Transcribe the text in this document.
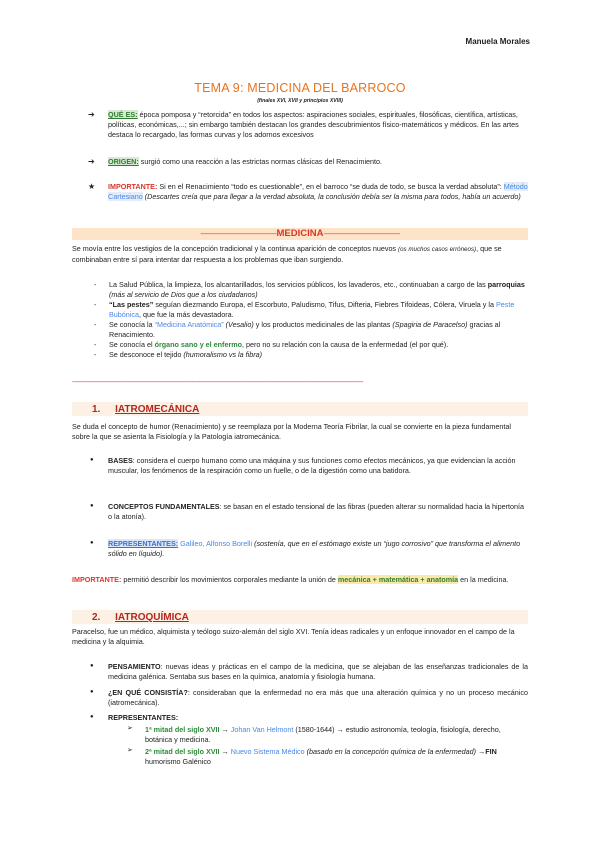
Manuela Morales
TEMA 9: MEDICINA DEL BARROCO
(finales XVI, XVII y principios XVIII)
➔ QUÉ ES: época pomposa y “retorcida” en todos los aspectos: aspiraciones sociales, espirituales, filosóficas, científica, artísticas, políticas, económicas,...; sin embargo también destacan los grandes descubrimientos físico-matemáticos y médicos. En las artes destaca lo recargado, las formas curvas y los adornos excesivos
➔ ORIGEN: surgió como una reacción a las estrictas normas clásicas del Renacimiento.
★ IMPORTANTE: Si en el Renacimiento “todo es cuestionable”, en el barroco “se duda de todo, se busca la verdad absoluta”: Método Cartesiano (Descartes creía que para llegar a la verdad absoluta, la conclusión debía ser la misma para todos, había un acuerdo)
--------------------------------------------MEDICINA--------------------------------------------
Se movía entre los vestigios de la concepción tradicional y la continua aparición de conceptos nuevos (os muchos casos erróneos), que se combinaban entre sí para intentar dar respuesta a los problemas que iban surgiendo.
- La Salud Pública, la limpieza, los alcantarillados, los servicios públicos, los lavaderos, etc., continuaban a cargo de las parroquias (más al servicio de Dios que a los ciudadanos)
- “Las pestes” seguían diezmando Europa, el Escorbuto, Paludismo, Tifus, Difteria, Fiebres Tifoideas, Cólera, Viruela y la Peste Bubónica, que fue la más devastadora.
- Se conocía la “Medicina Anatómica” (Vesalio) y los productos medicinales de las plantas (Spagiria de Paracelso) gracias al Renacimiento.
- Se conocía el órgano sano y el enfermo, pero no su relación con la causa de la enfermedad (el por qué).
- Se desconoce el tejido (humoralismo vs la fibra)
------------------------------------------------------------------------------------------------------------------------------------------------------------------------
1. IATROMECÁNICA
Se duda el concepto de humor (Renacimiento) y se reemplaza por la Moderna Teoría Fibrilar, la cual se convierte en la pieza fundamental sobre la que se asienta la Fisiología y la Patología iatromecánica.
● BASES: considera el cuerpo humano como una máquina y sus funciones como efectos mecánicos, ya que evidencian la acción muscular, los fenómenos de la respiración como un fuelle, o de la digestión como una batidora.
● CONCEPTOS FUNDAMENTALES: se basan en el estado tensional de las fibras (pueden alterar su normalidad hacia la hipertonía o la atonía).
● REPRESENTANTES: Galileo, Alfonso Borelli (sostenía, que en el estómago existe un “jugo corrosivo” que transforma el alimento sólido en líquido).
IMPORTANTE: permitió describir los movimientos corporales mediante la unión de mecánica + matemática + anatomía en la medicina.
2. IATROQUÍMICA
Paracelso, fue un médico, alquimista y teólogo suizo-alemán del siglo XVI. Tenía ideas radicales y un enfoque innovador en el campo de la medicina y la alquimia.
● PENSAMIENTO: nuevas ideas y prácticas en el campo de la medicina, que se alejaban de las enseñanzas tradicionales de la medicina galénica. Sentaba sus bases en la química, anatomía y fisiología humana.
● ¿EN QUÉ CONSISTÍA?: consideraban que la enfermedad no era más que una alteración química y no un proceso mecánico (iatromecánica).
● REPRESENTANTES:
➢ 1ª mitad del siglo XVII → Johan Van Helmont (1580-1644) → estudio astronomía, teología, fisiología, derecho, botánica y medicina.
➢ 2ª mitad del siglo XVII → Nuevo Sistema Médico (basado en la concepción química de la enfermedad) →FIN humorismo Galénico
